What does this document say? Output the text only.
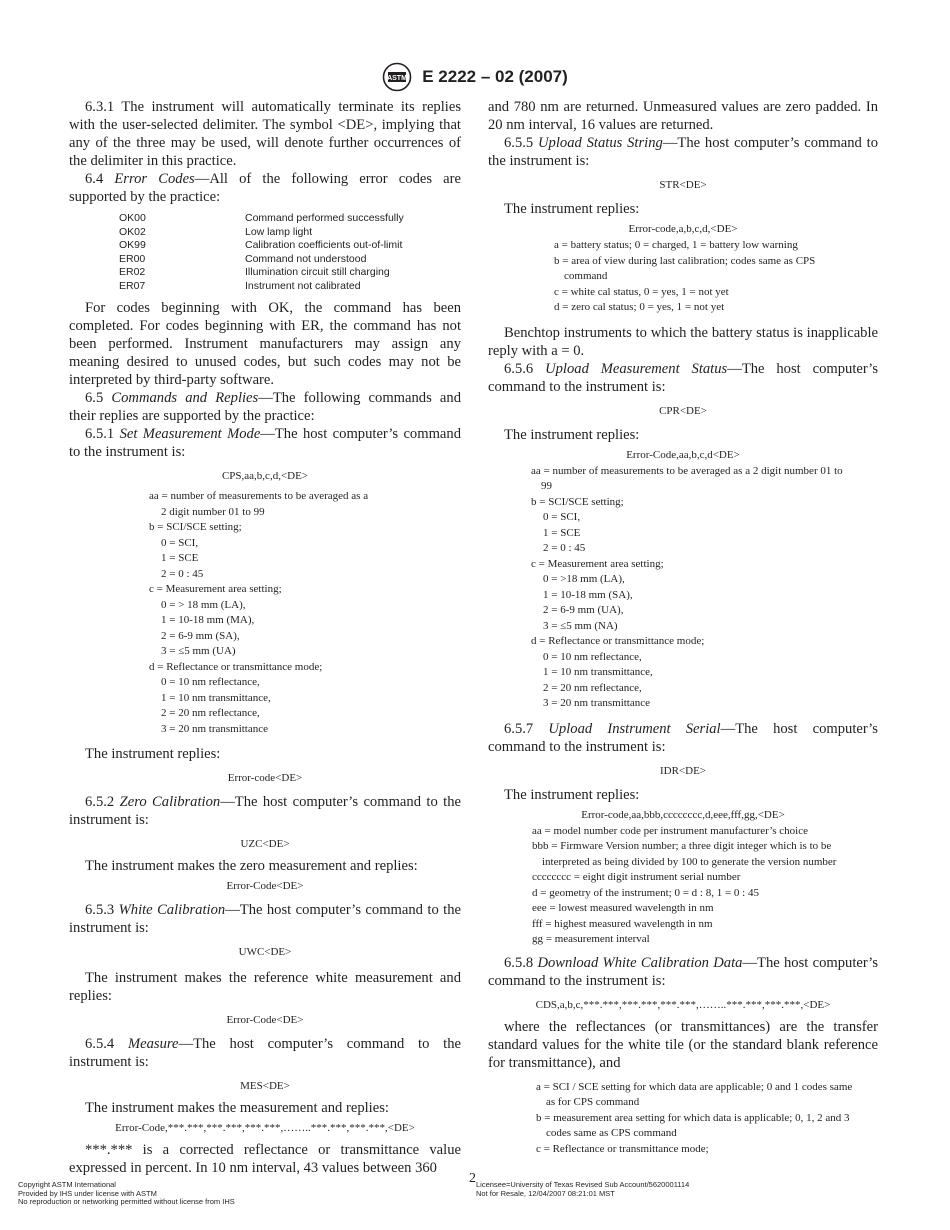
ASTM E 2222 – 02 (2007)

6.3.1 The instrument will automatically terminate its replies with the user-selected delimiter. The symbol <DE>, implying that any of the three may be used, will denote further occurrences of the delimiter in this practice.

6.4 Error Codes—All of the following error codes are supported by the practice:

OK00	Command performed successfully
OK02	Low lamp light
OK99	Calibration coefficients out-of-limit
ER00	Command not understood
ER02	Illumination circuit still charging
ER07	Instrument not calibrated

For codes beginning with OK, the command has been completed. For codes beginning with ER, the command has not been performed. Instrument manufacturers may assign any meaning desired to unused codes, but such codes may not be interpreted by third-party software.

6.5 Commands and Replies—The following commands and their replies are supported by the practice:

6.5.1 Set Measurement Mode—The host computer’s command to the instrument is:

CPS,aa,b,c,d,<DE>
aa = number of measurements to be averaged as a
2 digit number 01 to 99
b = SCI/SCE setting;
0 = SCI,
1 = SCE
2 = 0 : 45
c = Measurement area setting;
0 = > 18 mm (LA),
1 = 10-18 mm (MA),
2 = 6-9 mm (SA),
3 = ≤5 mm (UA)
d = Reflectance or transmittance mode;
0 = 10 nm reflectance,
1 = 10 nm transmittance,
2 = 20 nm reflectance,
3 = 20 nm transmittance

The instrument replies:

Error-code<DE>

6.5.2 Zero Calibration—The host computer’s command to the instrument is:

UZC<DE>

The instrument makes the zero measurement and replies:

Error-Code<DE>

6.5.3 White Calibration—The host computer’s command to the instrument is:

UWC<DE>

The instrument makes the reference white measurement and replies:

Error-Code<DE>

6.5.4 Measure—The host computer’s command to the instrument is:

MES<DE>

The instrument makes the measurement and replies:

Error-Code,***.***,***.***,***.***,……..***.***,***.***,<DE>

***.*** is a corrected reflectance or transmittance value expressed in percent. In 10 nm interval, 43 values between 360

and 780 nm are returned. Unmeasured values are zero padded. In 20 nm interval, 16 values are returned.

6.5.5 Upload Status String—The host computer’s command to the instrument is:

STR<DE>

The instrument replies:

Error-code,a,b,c,d,<DE>
a = battery status; 0 = charged, 1 = battery low warning
b = area of view during last calibration; codes same as CPS command
c = white cal status, 0 = yes, 1 = not yet
d = zero cal status; 0 = yes, 1 = not yet

Benchtop instruments to which the battery status is inapplicable reply with a = 0.

6.5.6 Upload Measurement Status—The host computer’s command to the instrument is:

CPR<DE>

The instrument replies:

Error-Code,aa,b,c,d<DE>
aa = number of measurements to be averaged as a 2 digit number 01 to 99
b = SCI/SCE setting;
0 = SCI,
1 = SCE
2 = 0 : 45
c = Measurement area setting;
0 = >18 mm (LA),
1 = 10-18 mm (SA),
2 = 6-9 mm (UA),
3 = ≤5 mm (NA)
d = Reflectance or transmittance mode;
0 = 10 nm reflectance,
1 = 10 nm transmittance,
2 = 20 nm reflectance,
3 = 20 nm transmittance

6.5.7 Upload Instrument Serial—The host computer’s command to the instrument is:

IDR<DE>

The instrument replies:

Error-code,aa,bbb,cccccccc,d,eee,fff,gg,<DE>
aa = model number code per instrument manufacturer’s choice
bbb = Firmware Version number; a three digit integer which is to be interpreted as being divided by 100 to generate the version number
cccccccc = eight digit instrument serial number
d = geometry of the instrument; 0 = d : 8, 1 = 0 : 45
eee = lowest measured wavelength in nm
fff = highest measured wavelength in nm
gg = measurement interval

6.5.8 Download White Calibration Data—The host computer’s command to the instrument is:

CDS,a,b,c,***.***,***.***,***.***,……..***.***,***.***,<DE>

where the reflectances (or transmittances) are the transfer standard values for the white tile (or the standard blank reference for transmittance), and

a = SCI / SCE setting for which data are applicable; 0 and 1 codes same as for CPS command
b = measurement area setting for which data is applicable; 0, 1, 2 and 3 codes same as CPS command
c = Reflectance or transmittance mode;
2
Copyright ASTM International
Provided by IHS under license with ASTM
No reproduction or networking permitted without license from IHS
Licensee=University of Texas Revised Sub Account/5620001114
Not for Resale, 12/04/2007 08:21:01 MST
